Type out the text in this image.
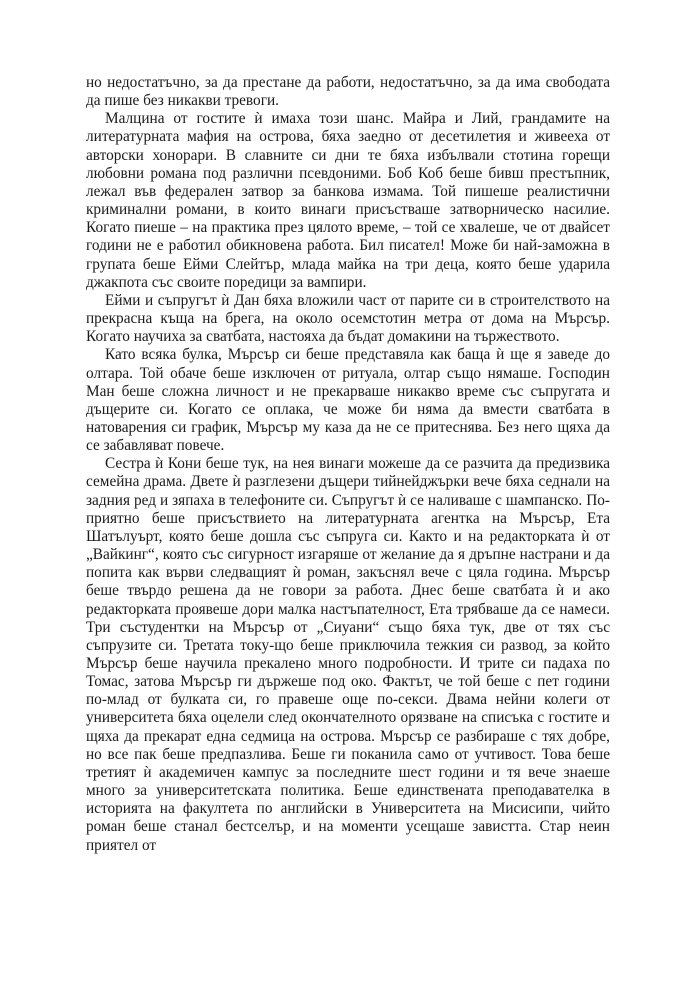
но недостатъчно, за да престане да работи, недостатъчно, за да има свободата да пише без никакви тревоги.

Малцина от гостите ѝ имаха този шанс. Майра и Лий, грандамите на литературната мафия на острова, бяха заедно от десетилетия и живееха от авторски хонорари. В славните си дни те бяха избълвали стотина горещи любовни романа под различни псевдоними. Боб Коб беше бивш престъпник, лежал във федерален затвор за банкова измама. Той пишеше реалистични криминални романи, в които винаги присъстваше затворническо насилие. Когато пиеше – на практика през цялото време, – той се хвалеше, че от двайсет години не е работил обикновена работа. Бил писател! Може би най-заможна в групата беше Ейми Слейтър, млада майка на три деца, която беше ударила джакпота със своите поредици за вампири.

Ейми и съпругът ѝ Дан бяха вложили част от парите си в строителството на прекрасна къща на брега, на около осемстотин метра от дома на Мърсър. Когато научиха за сватбата, настояха да бъдат домакини на тържеството.

Като всяка булка, Мърсър си беше представяла как баща ѝ ще я заведе до олтара. Той обаче беше изключен от ритуала, олтар също нямаше. Господин Ман беше сложна личност и не прекарваше никакво време със съпругата и дъщерите си. Когато се оплака, че може би няма да вмести сватбата в натоварения си график, Мърсър му каза да не се притеснява. Без него щяха да се забавляват повече.

Сестра ѝ Кони беше тук, на нея винаги можеше да се разчита да предизвика семейна драма. Двете ѝ разглезени дъщери тийнейджърки вече бяха седнали на задния ред и зяпаха в телефоните си. Съпругът ѝ се наливаше с шампанско. По-приятно беше присъствието на литературната агентка на Мърсър, Ета Шатълуърт, която беше дошла със съпруга си. Както и на редакторката ѝ от „Вайкинг“, която със сигурност изгаряше от желание да я дръпне настрани и да попита как върви следващият ѝ роман, закъснял вече с цяла година. Мърсър беше твърдо решена да не говори за работа. Днес беше сватбата ѝ и ако редакторката проявеше дори малка настъпателност, Ета трябваше да се намеси. Три състудентки на Мърсър от „Сиуани“ също бяха тук, две от тях със съпрузите си. Третата току-що беше приключила тежкия си развод, за който Мърсър беше научила прекалено много подробности. И трите си падаха по Томас, затова Мърсър ги държеше под око. Фактът, че той беше с пет години по-млад от булката си, го правеше още по-секси. Двама нейни колеги от университета бяха оцелели след окончателното орязване на списъка с гостите и щяха да прекарат една седмица на острова. Мърсър се разбираше с тях добре, но все пак беше предпазлива. Беше ги поканила само от учтивост. Това беше третият ѝ академичен кампус за последните шест години и тя вече знаеше много за университетската политика. Беше единствената преподавателка в историята на факултета по английски в Университета на Мисисипи, чийто роман беше станал бестселър, и на моменти усещаше завистта. Стар неин приятел от
